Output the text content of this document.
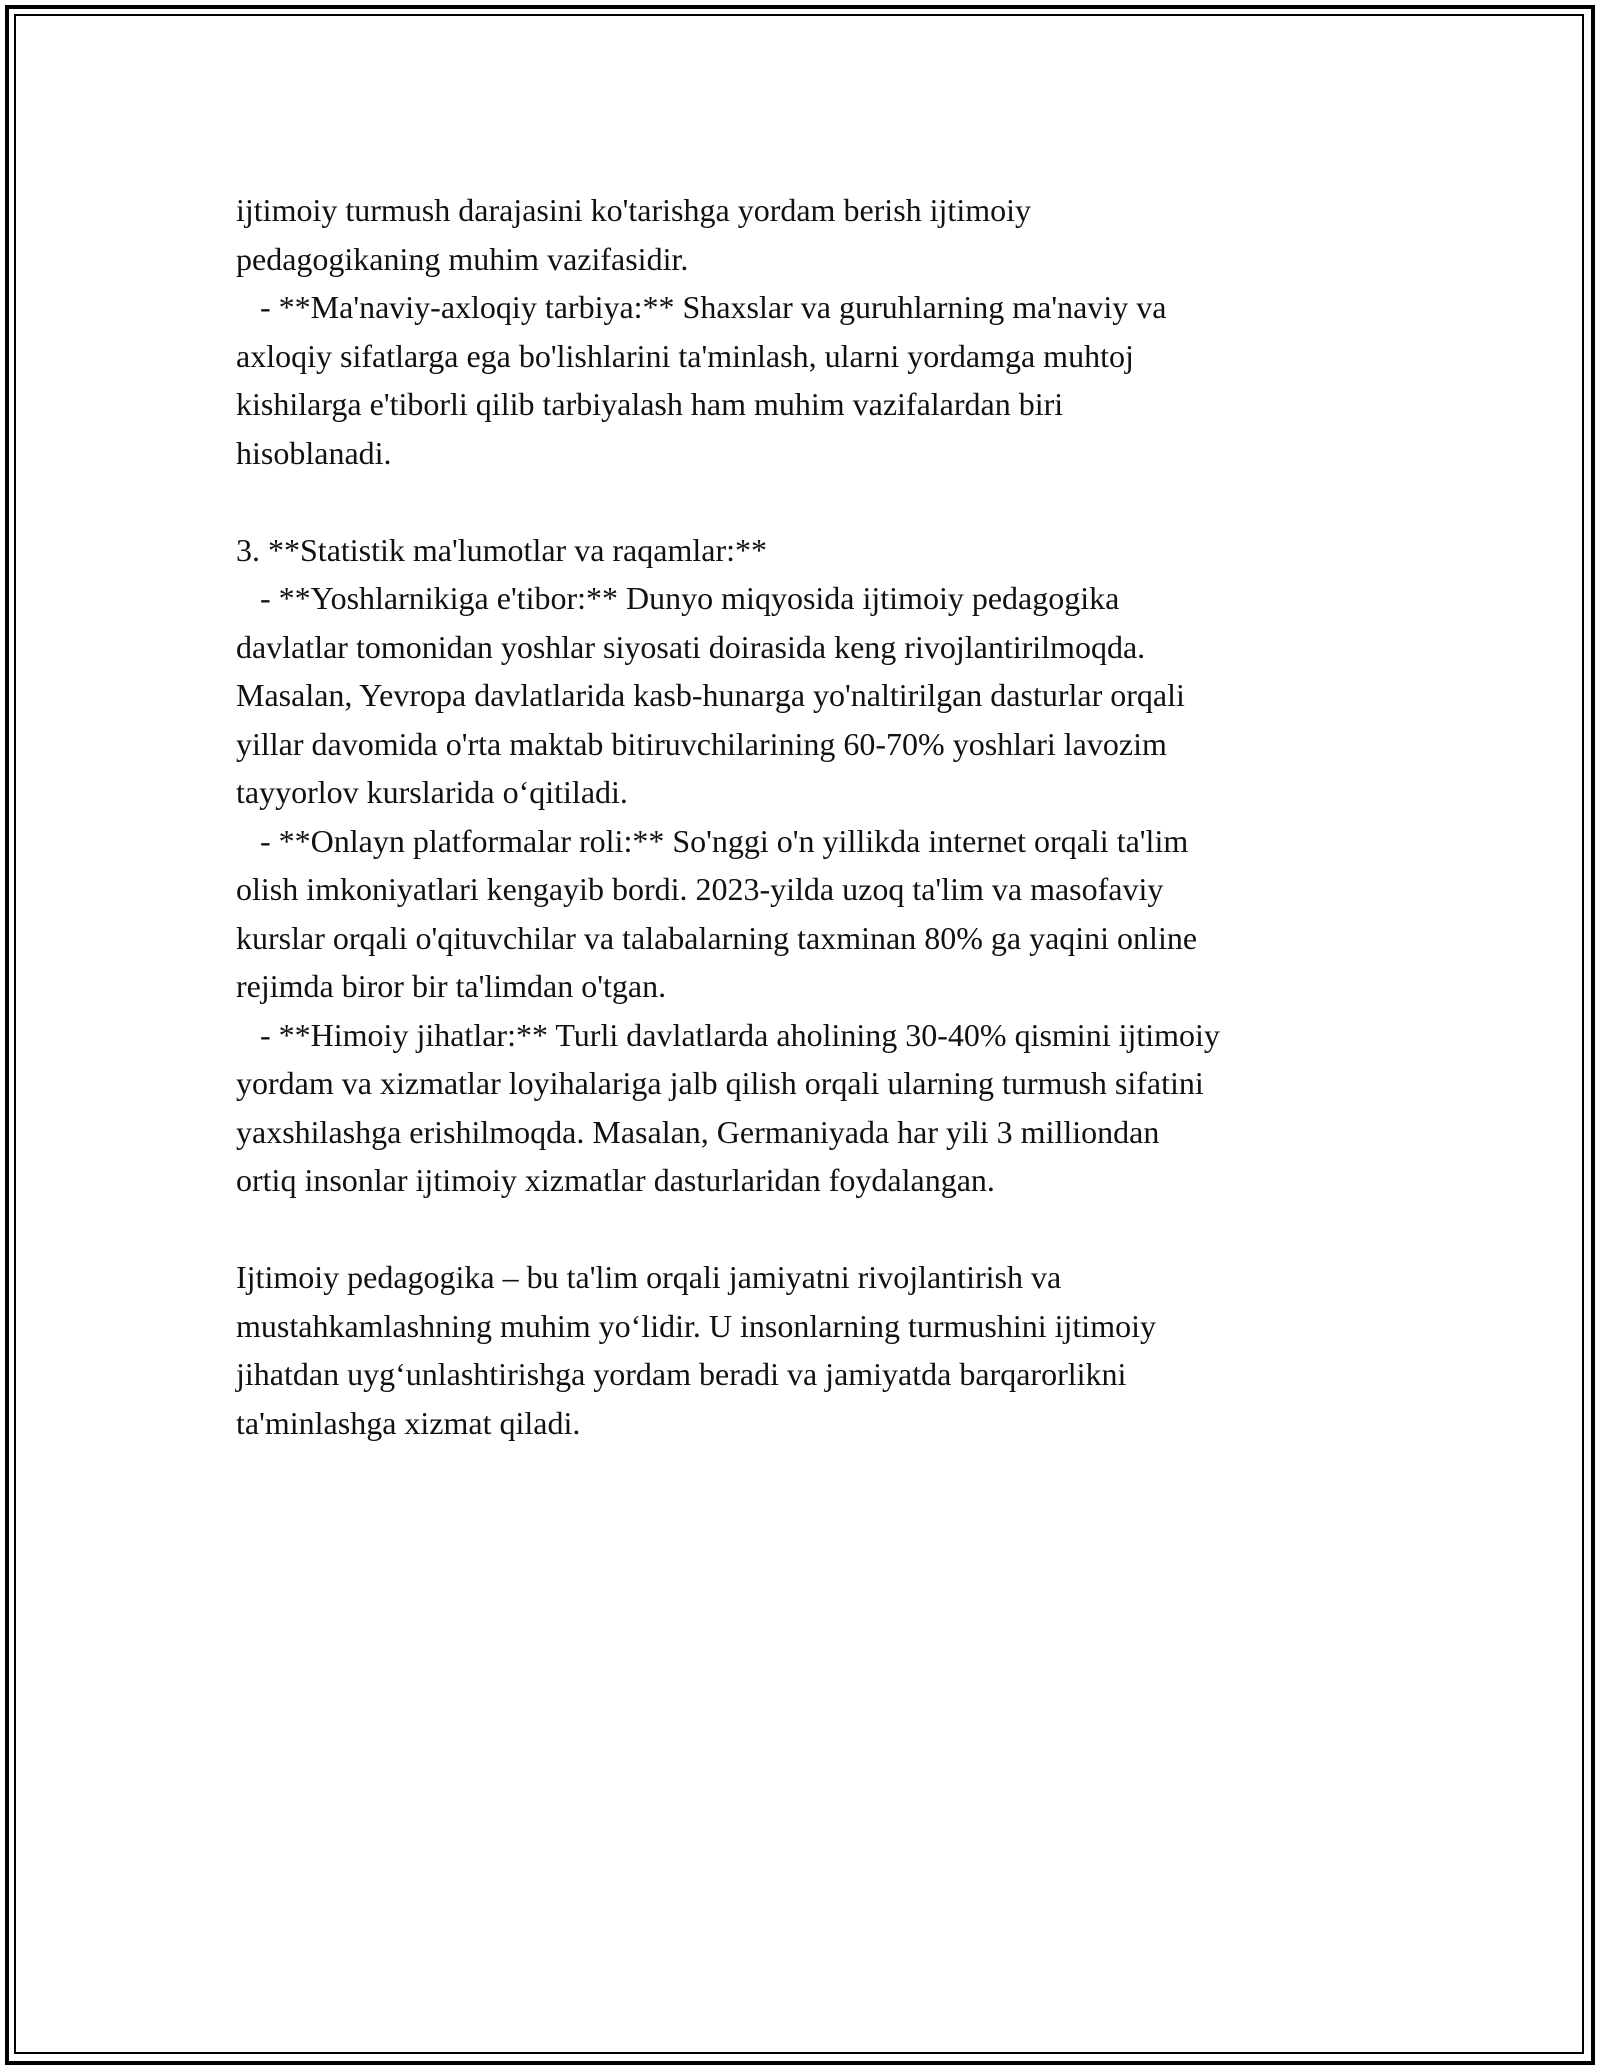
ijtimoiy turmush darajasini ko'tarishga yordam berish ijtimoiy
pedagogikaning muhim vazifasidir.
- **Ma'naviy-axloqiy tarbiya:** Shaxslar va guruhlarning ma'naviy va
axloqiy sifatlarga ega bo'lishlarini ta'minlash, ularni yordamga muhtoj
kishilarga e'tiborli qilib tarbiyalash ham muhim vazifalardan biri
hisoblanadi.
3. **Statistik ma'lumotlar va raqamlar:**
- **Yoshlarnikiga e'tibor:** Dunyo miqyosida ijtimoiy pedagogika
davlatlar tomonidan yoshlar siyosati doirasida keng rivojlantirilmoqda.
Masalan, Yevropa davlatlarida kasb-hunarga yo'naltirilgan dasturlar orqali
yillar davomida o'rta maktab bitiruvchilarining 60-70% yoshlari lavozim
tayyorlov kurslarida o‘qitiladi.
- **Onlayn platformalar roli:** So'nggi o'n yillikda internet orqali ta'lim
olish imkoniyatlari kengayib bordi. 2023-yilda uzoq ta'lim va masofaviy
kurslar orqali o'qituvchilar va talabalarning taxminan 80% ga yaqini online
rejimda biror bir ta'limdan o'tgan.
- **Himoiy jihatlar:** Turli davlatlarda aholining 30-40% qismini ijtimoiy
yordam va xizmatlar loyihalariga jalb qilish orqali ularning turmush sifatini
yaxshilashga erishilmoqda. Masalan, Germaniyada har yili 3 milliondan
ortiq insonlar ijtimoiy xizmatlar dasturlaridan foydalangan.
Ijtimoiy pedagogika – bu ta'lim orqali jamiyatni rivojlantirish va
mustahkamlashning muhim yo‘lidir. U insonlarning turmushini ijtimoiy
jihatdan uyg‘unlashtirishga yordam beradi va jamiyatda barqarorlikni
ta'minlashga xizmat qiladi.
